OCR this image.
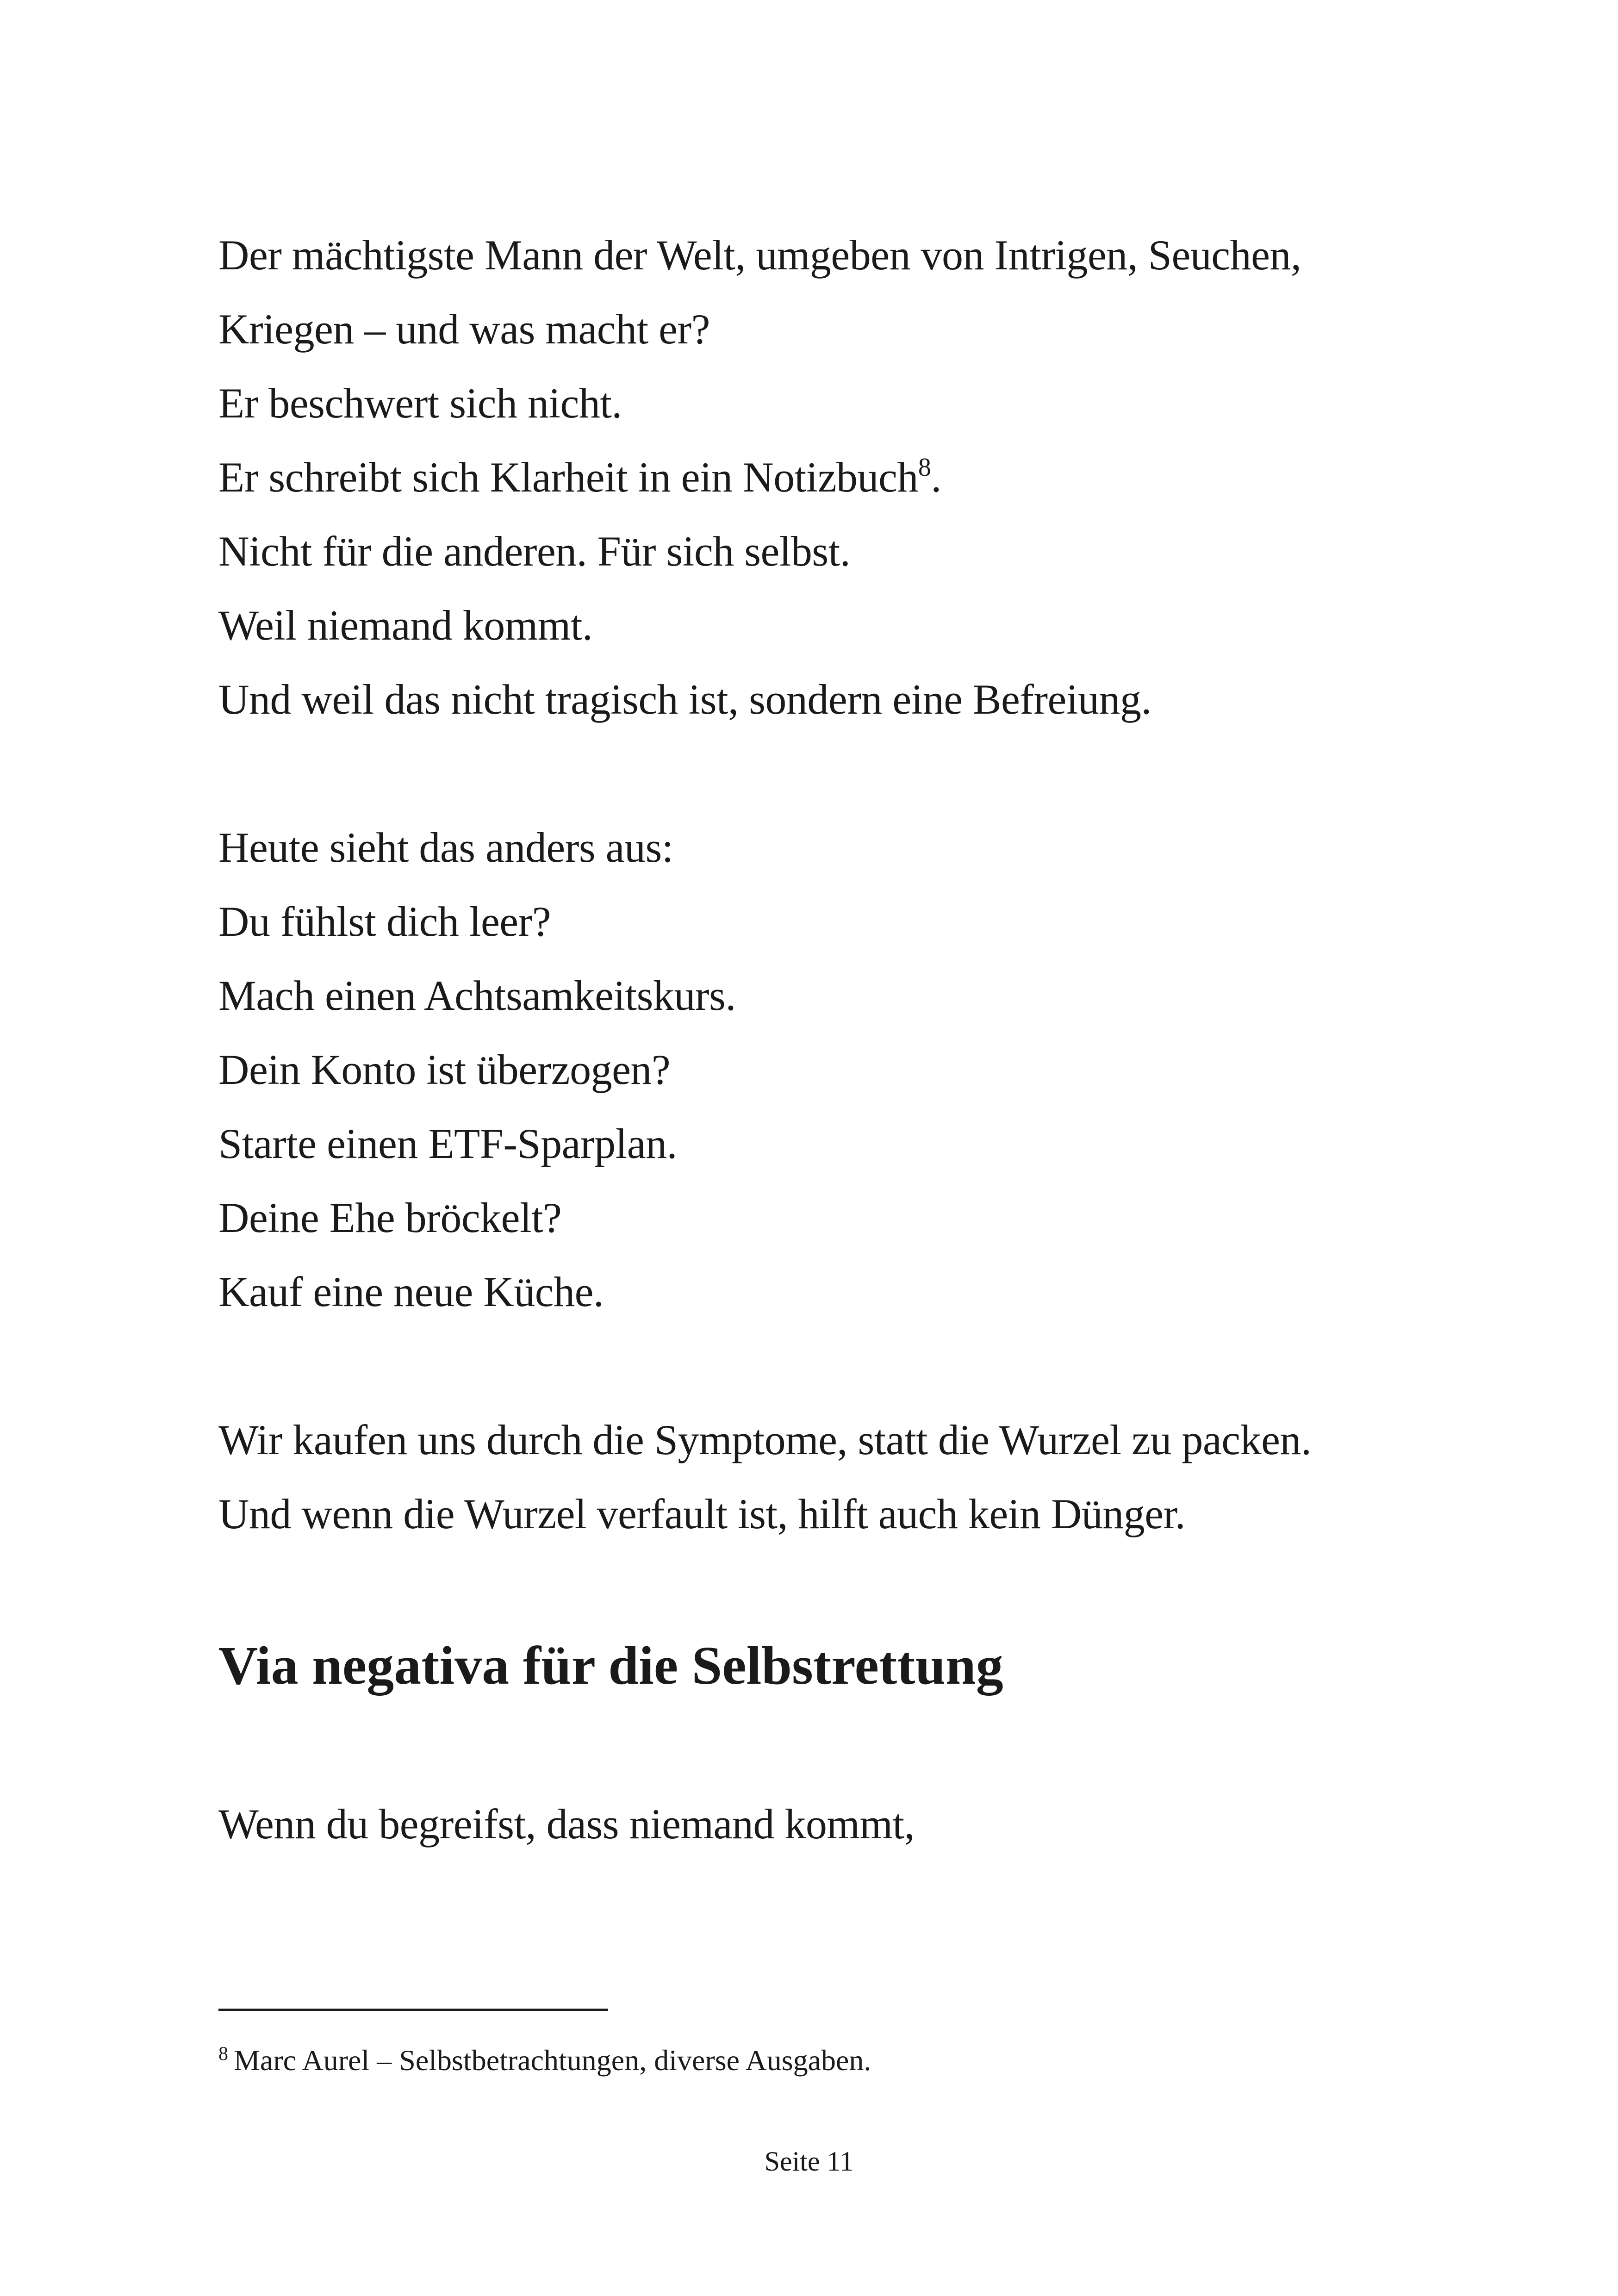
Der mächtigste Mann der Welt, umgeben von Intrigen, Seuchen,
Kriegen – und was macht er?
Er beschwert sich nicht.
Er schreibt sich Klarheit in ein Notizbuch$^8$.
Nicht für die anderen. Für sich selbst.
Weil niemand kommt.
Und weil das nicht tragisch ist, sondern eine Befreiung.
Heute sieht das anders aus:
Du fühlst dich leer?
Mach einen Achtsamkeitskurs.
Dein Konto ist überzogen?
Starte einen ETF-Sparplan.
Deine Ehe bröckelt?
Kauf eine neue Küche.
Wir kaufen uns durch die Symptome, statt die Wurzel zu packen.
Und wenn die Wurzel verfault ist, hilft auch kein Dünger.
Via negativa für die Selbstrettung
Wenn du begreifst, dass niemand kommt,
$^8$ Marc Aurel – Selbstbetrachtungen, diverse Ausgaben.
Seite 11
